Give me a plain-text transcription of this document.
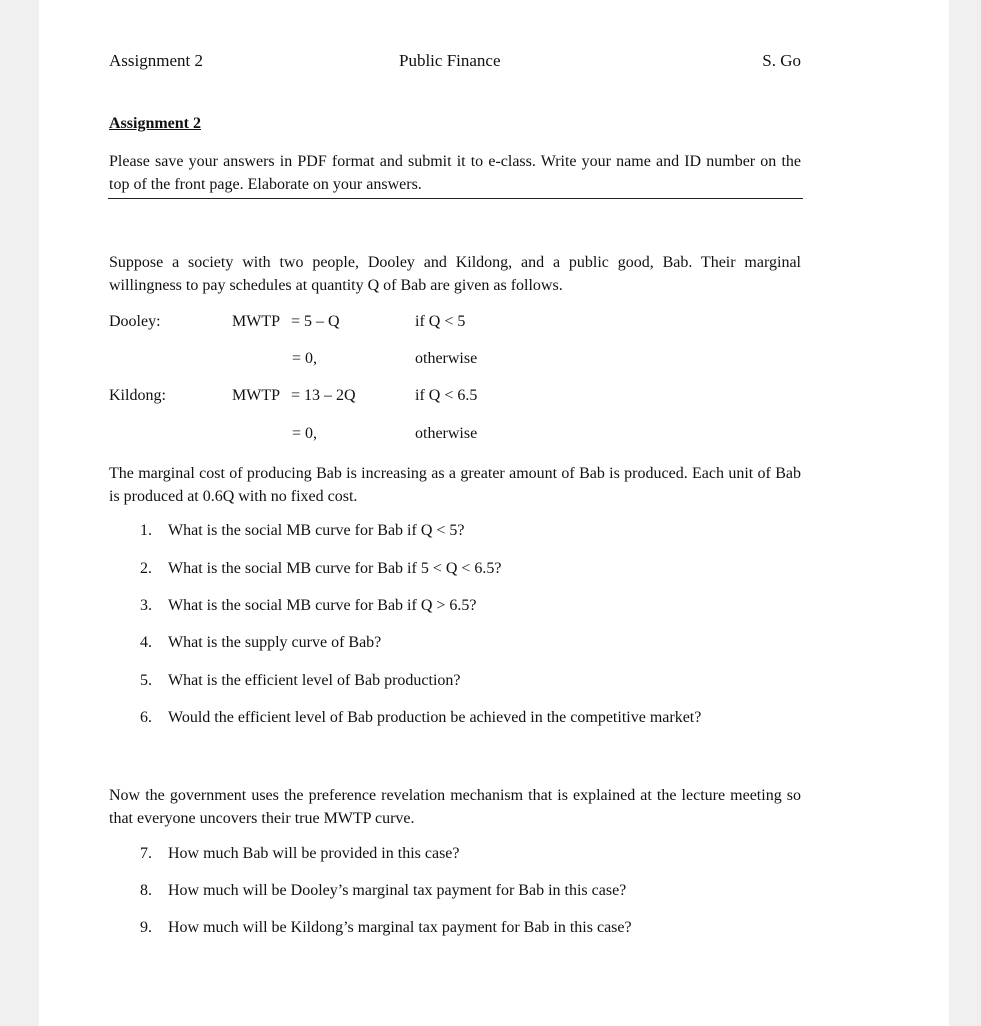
Assignment 2	Public Finance	S. Go
Assignment 2
Please save your answers in PDF format and submit it to e-class. Write your name and ID number on the top of the front page. Elaborate on your answers.
Suppose a society with two people, Dooley and Kildong, and a public good, Bab. Their marginal willingness to pay schedules at quantity Q of Bab are given as follows.
Dooley:	MWTP = 5 – Q	if Q < 5
= 0,	otherwise
Kildong:	MWTP = 13 – 2Q	if Q < 6.5
= 0,	otherwise
The marginal cost of producing Bab is increasing as a greater amount of Bab is produced. Each unit of Bab is produced at 0.6Q with no fixed cost.
1. What is the social MB curve for Bab if Q < 5?
2. What is the social MB curve for Bab if 5 < Q < 6.5?
3. What is the social MB curve for Bab if Q > 6.5?
4. What is the supply curve of Bab?
5. What is the efficient level of Bab production?
6. Would the efficient level of Bab production be achieved in the competitive market?
Now the government uses the preference revelation mechanism that is explained at the lecture meeting so that everyone uncovers their true MWTP curve.
7. How much Bab will be provided in this case?
8. How much will be Dooley’s marginal tax payment for Bab in this case?
9. How much will be Kildong’s marginal tax payment for Bab in this case?
